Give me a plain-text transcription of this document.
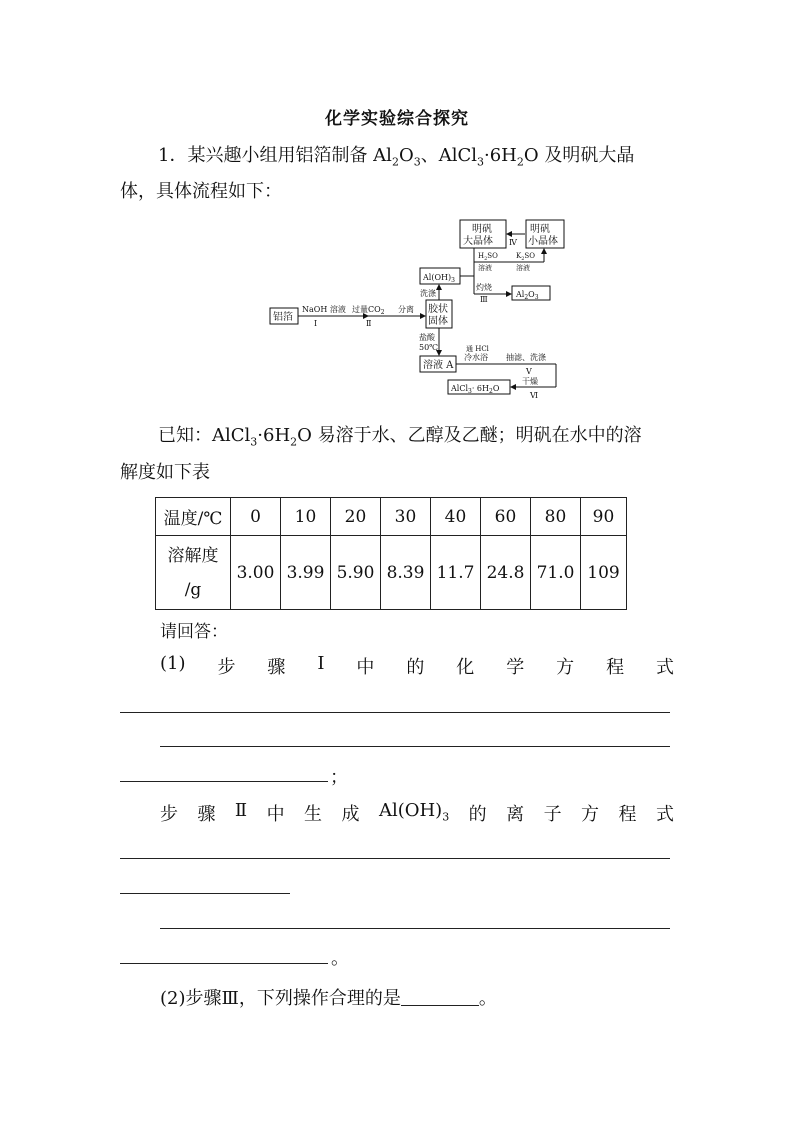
化学实验综合探究
1．某兴趣小组用铝箔制备 $Al_2O_3$、$AlCl_3\cdot 6H_2O$ 及明矾大晶
体，具体流程如下：
铝箔
NaOH 溶液
Ⅰ
过量$CO_2$
Ⅱ
分离 胶状
固体
洗涤
$Al(OH)_3$
$H_2SO$
溶液
$K_2SO$
溶液
明矾
小晶体
Ⅳ
明矾
大晶体
灼烧
Ⅲ
$Al_2O_3$
盐酸
50℃
溶液 A
通 HCl
冷水浴 抽滤、洗涤
Ⅴ
干燥
Ⅵ
AlCl$_3$· $6H_2O$
已知：$AlCl_3\cdot 6H_2O$ 易溶于水、乙醇及乙醚；明矾在水中的溶
解度如下表
温度/℃	0	10	20	30	40	60	80	90

溶解度
/g	3.00	3.99	5.90	8.39	11.7	24.8	71.0	109
请回答：
(1) 步 骤 Ⅰ 中 的 化 学 方 程 式
；
步 骤 Ⅱ 中 生 成 $Al(OH)_3$ 的 离 子 方 程 式
。
(2)步骤Ⅲ，下列操作合理的是	。
